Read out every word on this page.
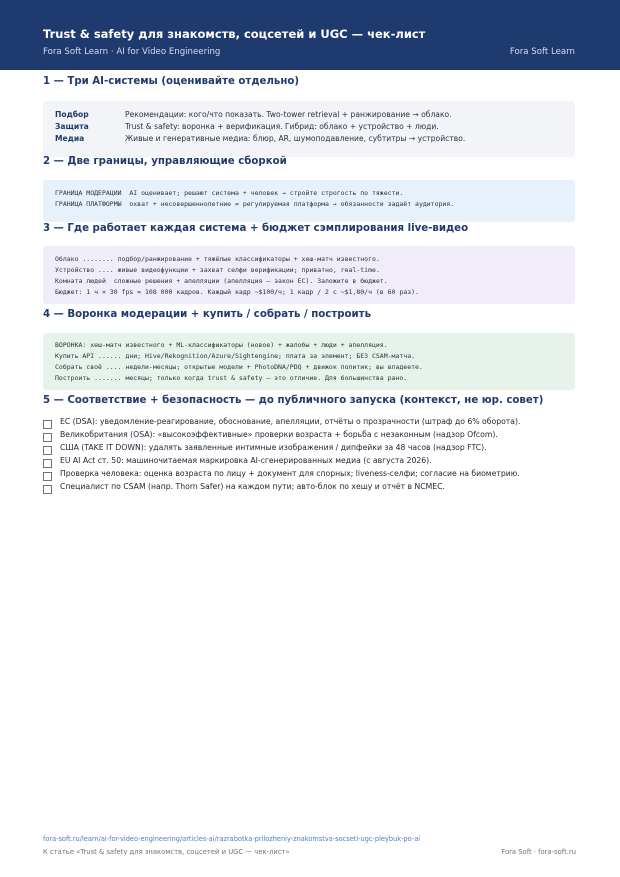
Trust & safety для знакомств, соцсетей и UGC — чек-лист
Fora Soft Learn · AI for Video Engineering	Fora Soft Learn
1 — Три AI-системы (оценивайте отдельно)
Подбор	Рекомендации: кого/что показать. Two-tower retrieval + ранжирование → облако.
Защита	Trust & safety: воронка + верификация. Гибрид: облако + устройство + люди.
Медиа	Живые и генеративные медиа: блюр, AR, шумоподавление, субтитры → устройство.
2 — Две границы, управляющие сборкой
ГРАНИЦА МОДЕРАЦИИ  AI оценивает; решают система + человек → стройте строгость по тяжести.
ГРАНИЦА ПЛАТФОРМЫ  охват + несовершеннолетние = регулируемая платформа → обязанности задаёт аудитория.
3 — Где работает каждая система + бюджет сэмплирования live-видео
Облако ........ подбор/ранжирование + тяжёлые классификаторы + хеш-матч известного.
Устройство .... живые видеофункции + захват селфи верификации; приватно, real-time.
Комната людей  сложные решения + апелляции (апелляция — закон ЕС). Заложите в бюджет.
Бюджет: 1 ч × 30 fps = 108 000 кадров. Каждый кадр ~$100/ч; 1 кадр / 2 с ~$1,80/ч (в 60 раз).
4 — Воронка модерации + купить / собрать / построить
ВОРОНКА: хеш-матч известного + ML-классификаторы (новое) + жалобы + люди + апелляция.
Купить API ...... дни; Hive/Rekognition/Azure/Sightengine; плата за элемент; БЕЗ CSAM-матча.
Собрать своё .... недели-месяцы; открытые модели + PhotoDNA/PDQ + движок политик; вы владеете.
Построить ....... месяцы; только когда trust & safety — это отличие. Для большинства рано.
5 — Соответствие + безопасность — до публичного запуска (контекст, не юр. совет)
ЕС (DSA): уведомление-реагирование, обоснование, апелляции, отчёты о прозрачности (штраф до 6% оборота).
Великобритания (OSA): «высокоэффективные» проверки возраста + борьба с незаконным (надзор Ofcom).
США (TAKE IT DOWN): удалять заявленные интимные изображения / дипфейки за 48 часов (надзор FTC).
EU AI Act ст. 50: машиночитаемая маркировка AI-сгенерированных медиа (с августа 2026).
Проверка человека: оценка возраста по лицу + документ для спорных; liveness-селфи; согласие на биометрию.
Специалист по CSAM (напр. Thorn Safer) на каждом пути; авто-блок по хешу и отчёт в NCMEC.
fora-soft.ru/learn/ai-for-video-engineering/articles-ai/razrabotka-prilozheniy-znakomstva-socseti-ugc-pleybuk-po-ai
К статье «Trust & safety для знакомств, соцсетей и UGC — чек-лист»	Fora Soft · fora-soft.ru
